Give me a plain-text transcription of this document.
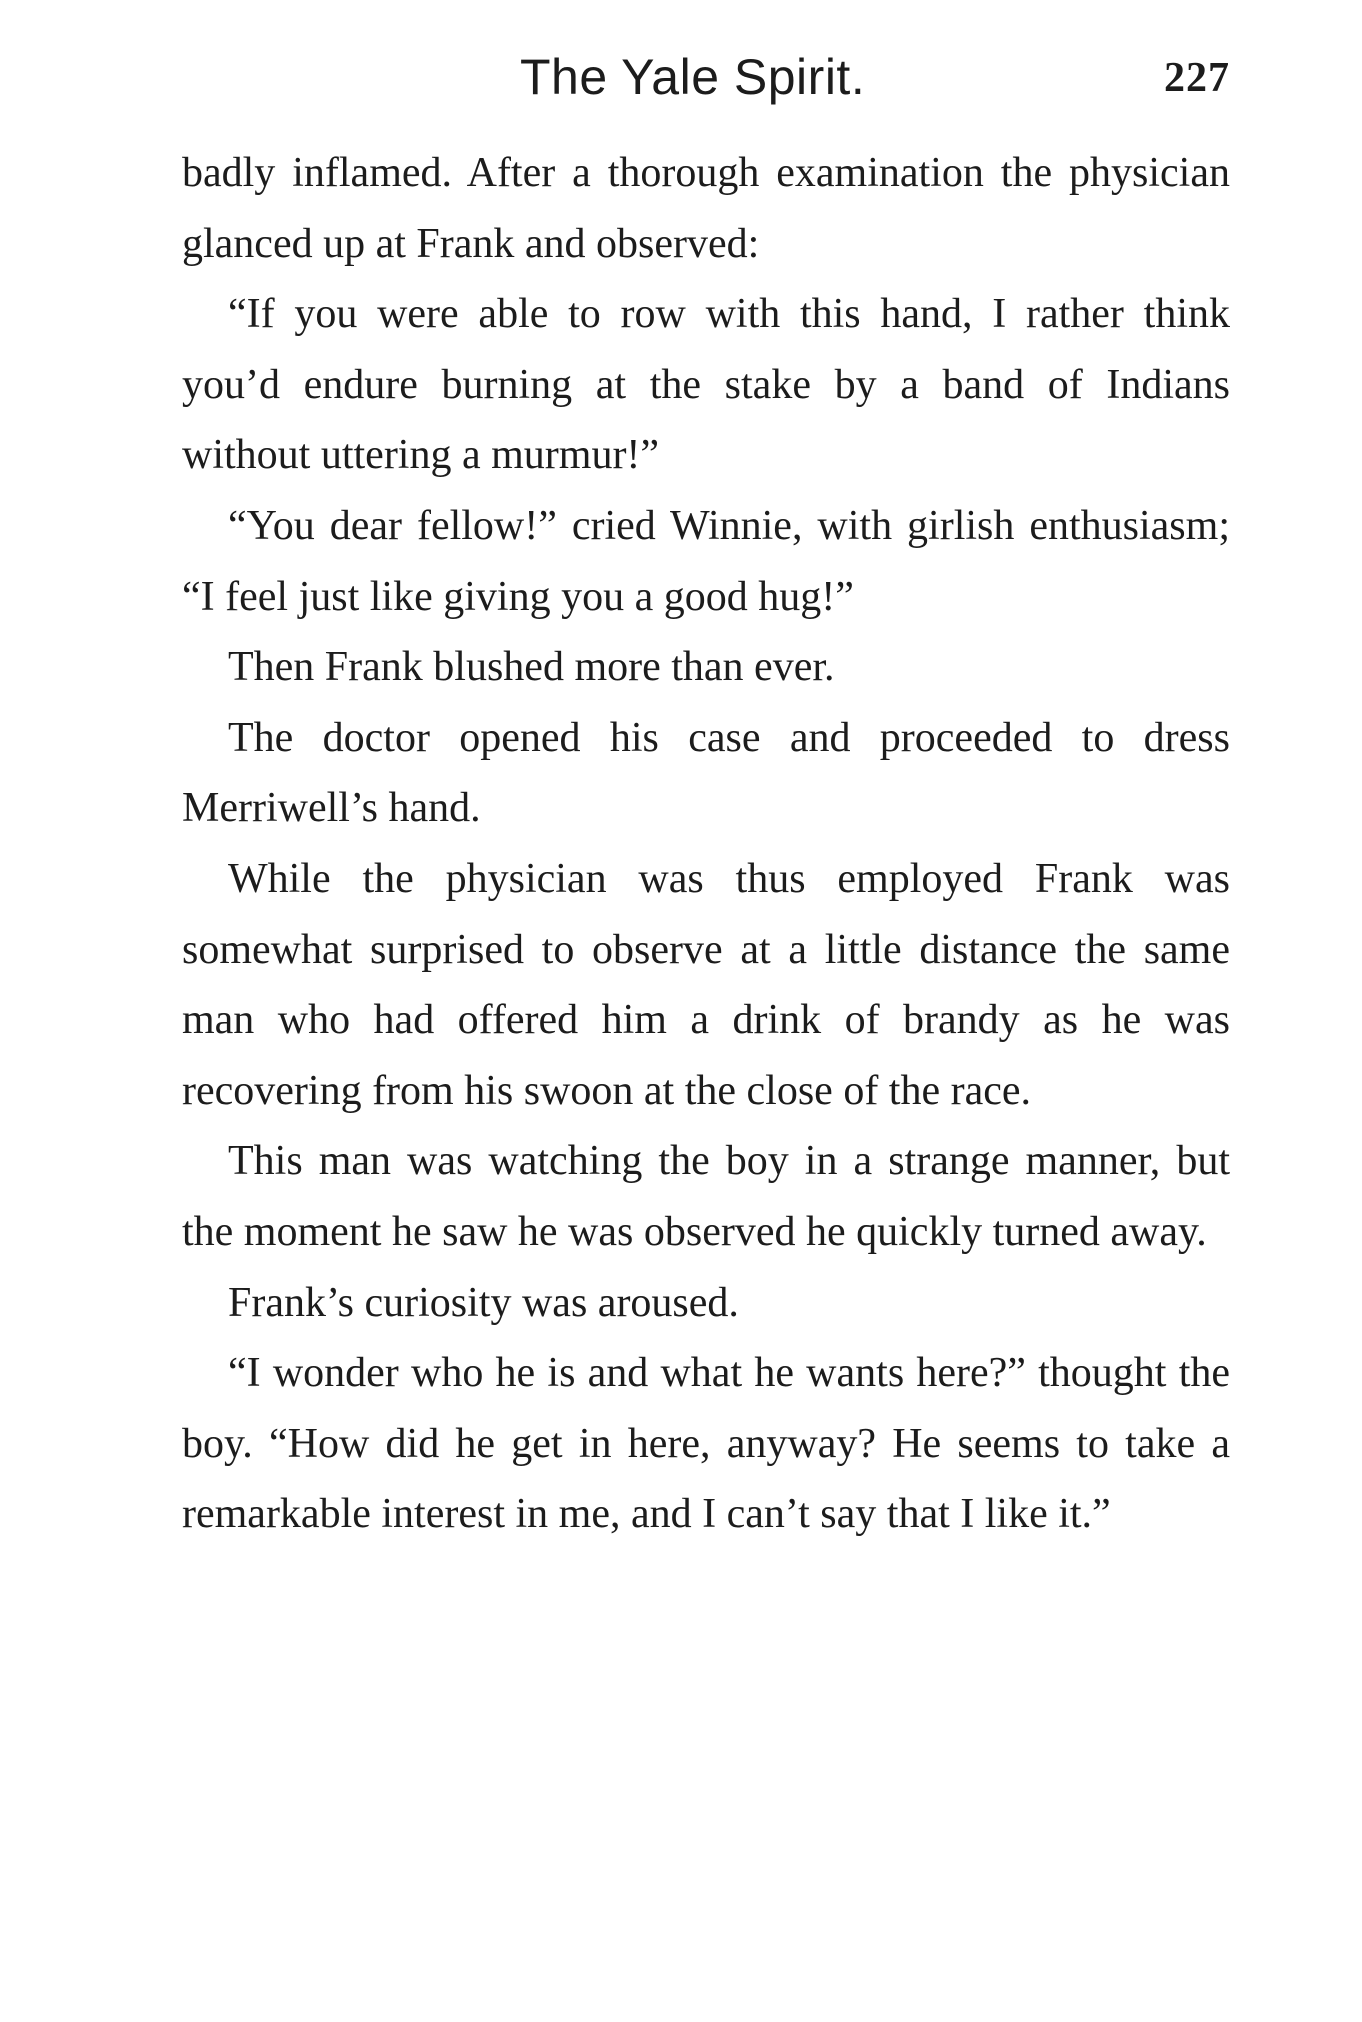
The Yale Spirit.	227

badly inflamed. After a thorough examination the physician glanced up at Frank and observed:

“If you were able to row with this hand, I rather think you’d endure burning at the stake by a band of Indians without uttering a murmur!”

“You dear fellow!” cried Winnie, with girlish enthusiasm; “I feel just like giving you a good hug!”

Then Frank blushed more than ever.

The doctor opened his case and proceeded to dress Merriwell’s hand.

While the physician was thus employed Frank was somewhat surprised to observe at a little distance the same man who had offered him a drink of brandy as he was recovering from his swoon at the close of the race.

This man was watching the boy in a strange manner, but the moment he saw he was observed he quickly turned away.

Frank’s curiosity was aroused.

“I wonder who he is and what he wants here?” thought the boy. “How did he get in here, anyway? He seems to take a remarkable interest in me, and I can’t say that I like it.”
